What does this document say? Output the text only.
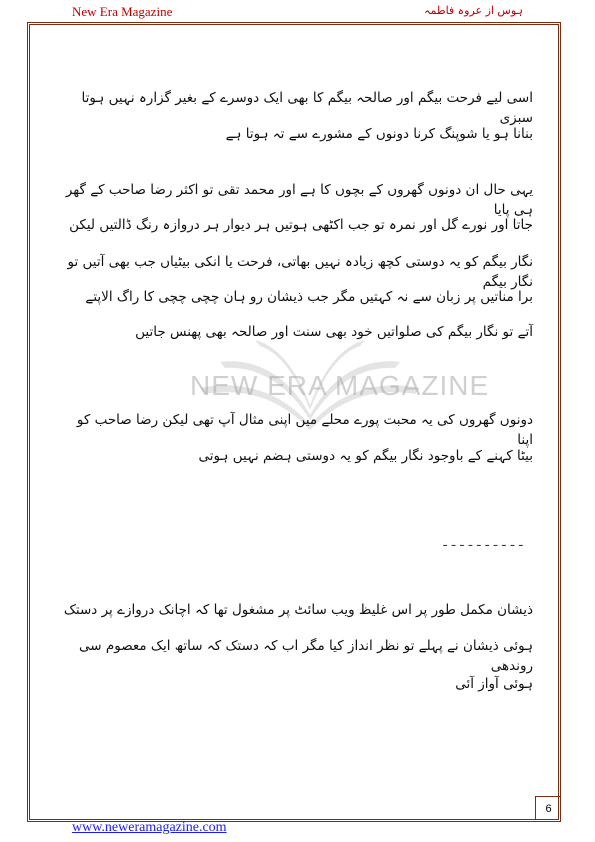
New Era Magazine	ہوس از عروہ فاطمہ
NEW ERA MAGAZINE
اسی لیے فرحت بیگم اور صالحہ بیگم کا بھی ایک دوسرے کے بغیر گزارہ نہیں ہوتا سبزی
بنانا ہو یا شوپنگ کرنا دونوں کے مشورے سے تہ ہوتا ہے
یہی حال ان دونوں گھروں کے بچوں کا ہے اور محمد تقی تو اکثر رضا صاحب کے گھر ہی پایا
جاتا اور نورے گل اور نمرہ تو جب اکٹھی ہوتیں ہر دیوار ہر دروازہ رنگ ڈالتیں لیکن
نگار بیگم کو یہ دوستی کچھ زیادہ نہیں بھاتی، فرحت یا انکی بیٹیاں جب بھی آتیں تو نگار بیگم
برا مناتیں پر زبان سے نہ کہتیں مگر جب ذیشان رو ہان چچی چچی کا راگ الاپتے
آتے تو نگار بیگم کی صلواتیں خود بھی سنت اور صالحہ بھی پھنس جاتیں
دونوں گھروں کی یہ محبت پورے محلے میں اپنی مثال آپ تھی لیکن رضا صاحب کو اپنا
بیٹا کہنے کے باوجود نگار بیگم کو یہ دوستی ہضم نہیں ہوتی
----------
ذیشان مکمل طور پر اس غلیظ ویب سائٹ پر مشغول تھا کہ اچانک دروازے پر دستک
ہوئی ذیشان نے پہلے تو نظر انداز کیا مگر اب کہ دستک کہ ساتھ ایک معصوم سی روندھی
ہوئی آواز آئی
6
www.neweramagazine.com
